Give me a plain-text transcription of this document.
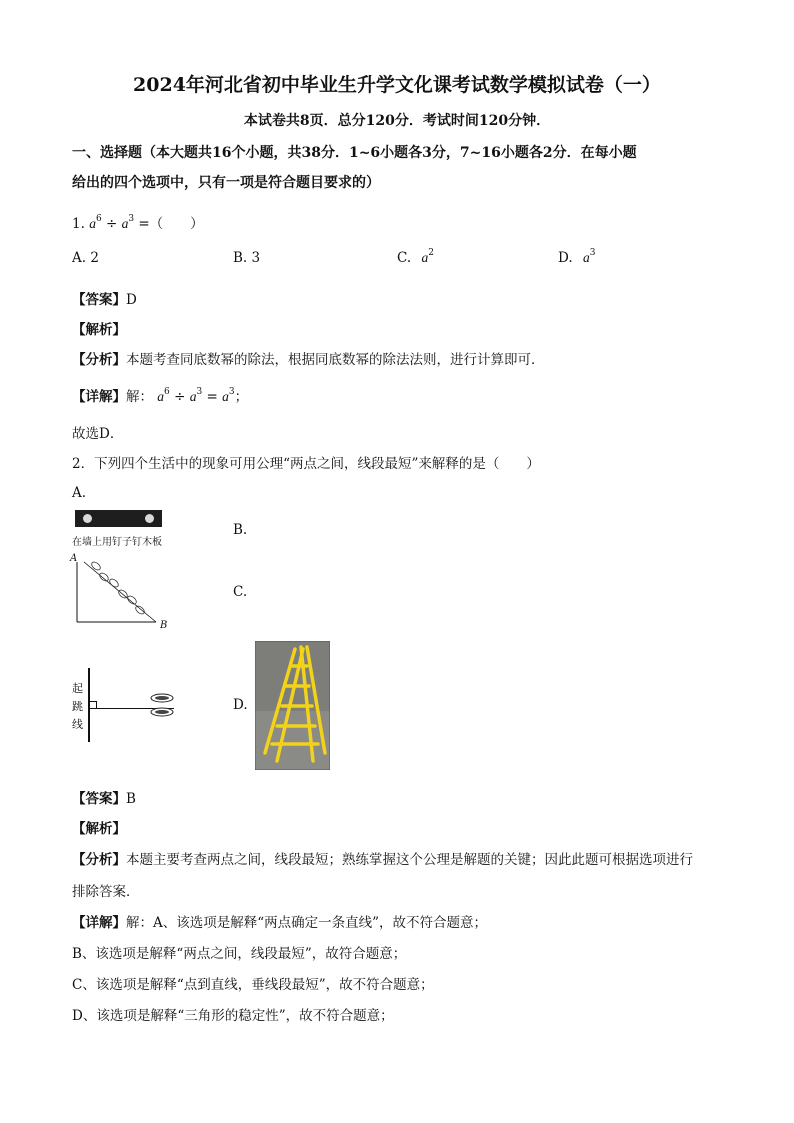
2024年河北省初中毕业生升学文化课考试数学模拟试卷（一）
本试卷共8页．总分120分．考试时间120分钟．
一、选择题（本大题共16个小题，共38分．1~6小题各3分，7~16小题各2分．在每小题
给出的四个选项中，只有一项是符合题目要求的）
1. $a^6 \div a^3$ =（　　）
A. 2	B. 3	C. $a^2$	D. $a^3$
【答案】D
【解析】
【分析】本题考查同底数幂的除法，根据同底数幂的除法法则，进行计算即可．
【详解】解： $a^6 \div a^3 = a^3$；
故选D．
2．下列四个生活中的现象可用公理“两点之间，线段最短”来解释的是（　　）
A.
在墙上用钉子钉木板
B.
A
B
C.
起
跳
线
D.
【答案】B
【解析】
【分析】本题主要考查两点之间，线段最短；熟练掌握这个公理是解题的关键；因此此题可根据选项进行
排除答案．
【详解】解：A、该选项是解释“两点确定一条直线”，故不符合题意；
B、该选项是解释“两点之间，线段最短”，故符合题意；
C、该选项是解释“点到直线，垂线段最短”，故不符合题意；
D、该选项是解释“三角形的稳定性”，故不符合题意；
